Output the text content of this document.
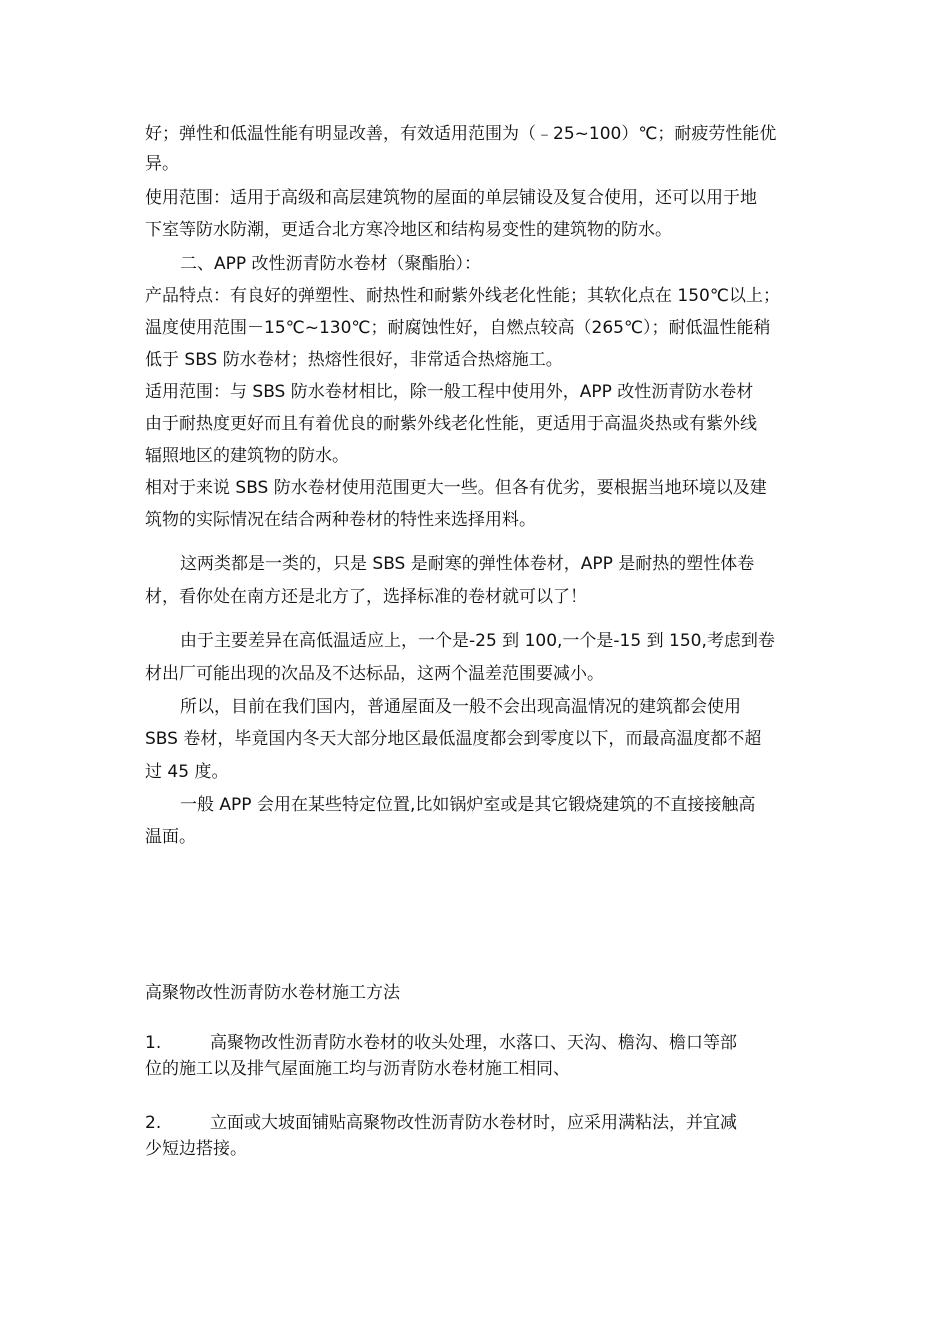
好；弹性和低温性能有明显改善，有效适用范围为（﹣25~100）℃；耐疲劳性能优
异。
使用范围：适用于高级和高层建筑物的屋面的单层铺设及复合使用，还可以用于地
下室等防水防潮，更适合北方寒冷地区和结构易变性的建筑物的防水。
二、APP 改性沥青防水卷材（聚酯胎）：
产品特点：有良好的弹塑性、耐热性和耐紫外线老化性能；其软化点在 150℃以上；
温度使用范围－15℃~130℃；耐腐蚀性好，自燃点较高（265℃）；耐低温性能稍
低于 SBS 防水卷材；热熔性很好，非常适合热熔施工。
适用范围：与 SBS 防水卷材相比，除一般工程中使用外，APP 改性沥青防水卷材
由于耐热度更好而且有着优良的耐紫外线老化性能，更适用于高温炎热或有紫外线
辐照地区的建筑物的防水。
相对于来说 SBS 防水卷材使用范围更大一些。但各有优劣，要根据当地环境以及建
筑物的实际情况在结合两种卷材的特性来选择用料。
这两类都是一类的，只是 SBS 是耐寒的弹性体卷材，APP 是耐热的塑性体卷
材，看你处在南方还是北方了，选择标准的卷材就可以了！
由于主要差异在高低温适应上，一个是-25 到 100,一个是-15 到 150,考虑到卷
材出厂可能出现的次品及不达标品，这两个温差范围要减小。
所以，目前在我们国内，普通屋面及一般不会出现高温情况的建筑都会使用
SBS 卷材，毕竟国内冬天大部分地区最低温度都会到零度以下，而最高温度都不超
过 45 度。
一般 APP 会用在某些特定位置,比如锅炉室或是其它锻烧建筑的不直接接触高
温面。
高聚物改性沥青防水卷材施工方法
1.	高聚物改性沥青防水卷材的收头处理，水落口、天沟、檐沟、檐口等部
位的施工以及排气屋面施工均与沥青防水卷材施工相同、
2.	立面或大坡面铺贴高聚物改性沥青防水卷材时，应采用满粘法，并宜减
少短边搭接。
